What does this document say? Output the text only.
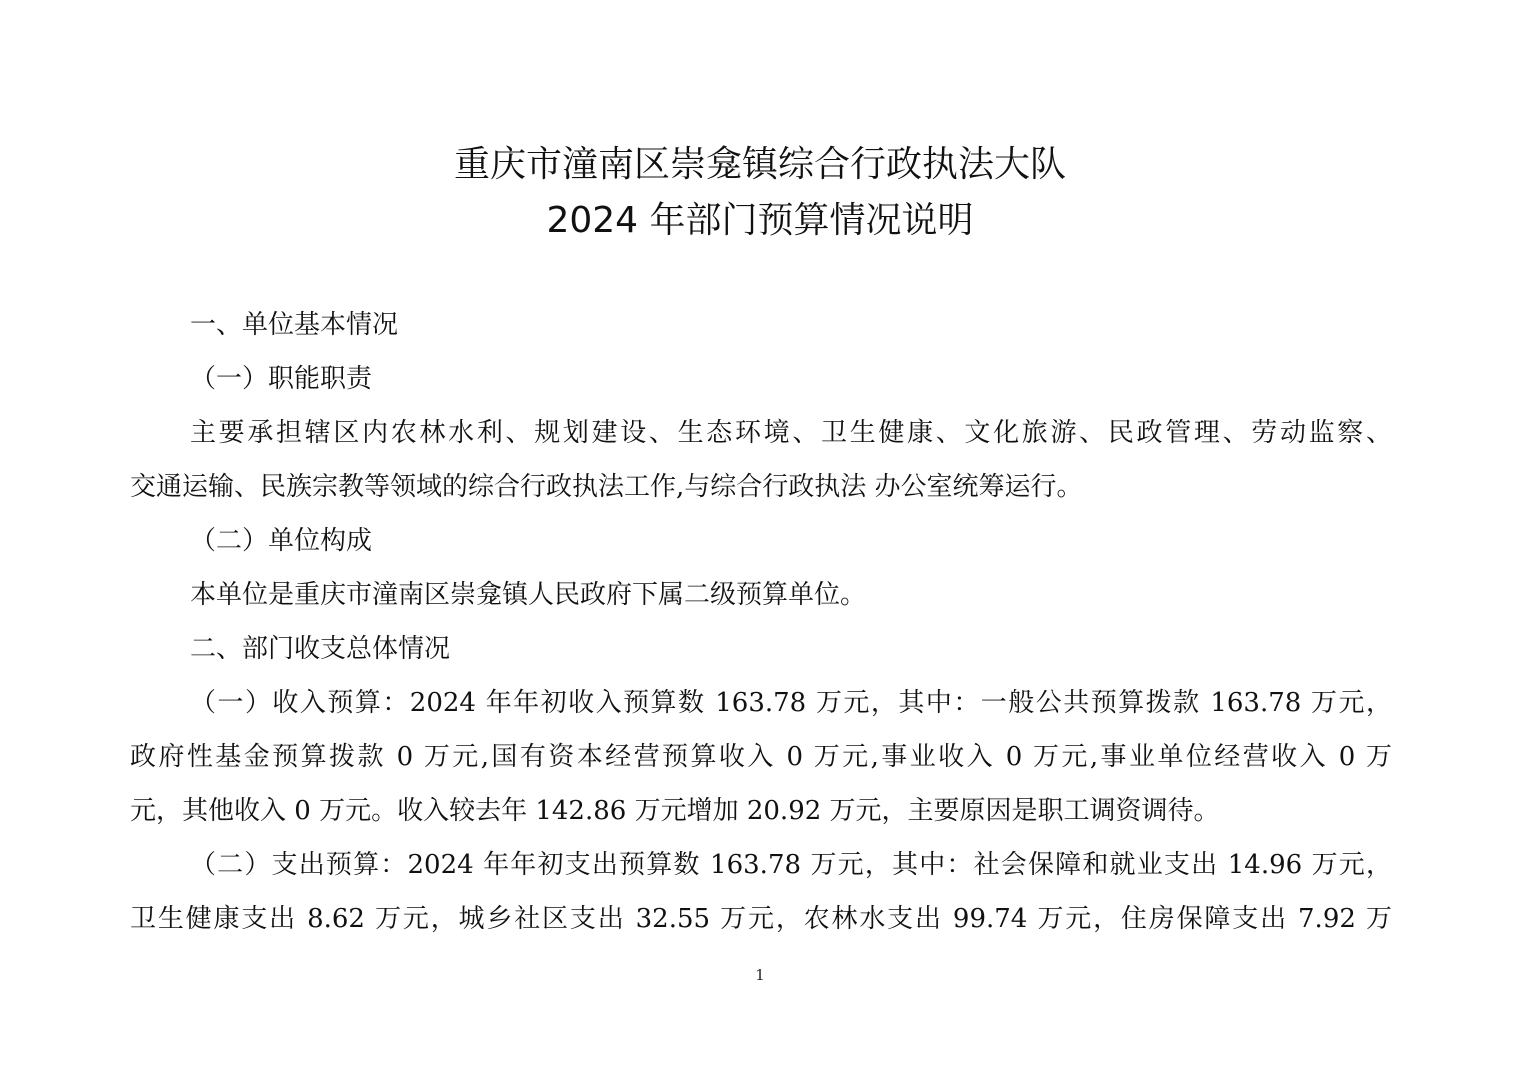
重庆市潼南区崇龛镇综合行政执法大队
2024 年部门预算情况说明
一、单位基本情况
（一）职能职责
主要承担辖区内农林水利、规划建设、生态环境、卫生健康、文化旅游、民政管理、劳动监察、
交通运输、民族宗教等领域的综合行政执法工作,与综合行政执法 办公室统筹运行。
（二）单位构成
本单位是重庆市潼南区崇龛镇人民政府下属二级预算单位。
二、部门收支总体情况
（一）收入预算：2024 年年初收入预算数 163.78 万元，其中：一般公共预算拨款 163.78 万元，
政府性基金预算拨款 0 万元,国有资本经营预算收入 0 万元,事业收入 0 万元,事业单位经营收入 0 万
元，其他收入 0 万元。收入较去年 142.86 万元增加 20.92 万元，主要原因是职工调资调待。
（二）支出预算：2024 年年初支出预算数 163.78 万元，其中：社会保障和就业支出 14.96 万元，
卫生健康支出 8.62 万元，城乡社区支出 32.55 万元，农林水支出 99.74 万元，住房保障支出 7.92 万
1
